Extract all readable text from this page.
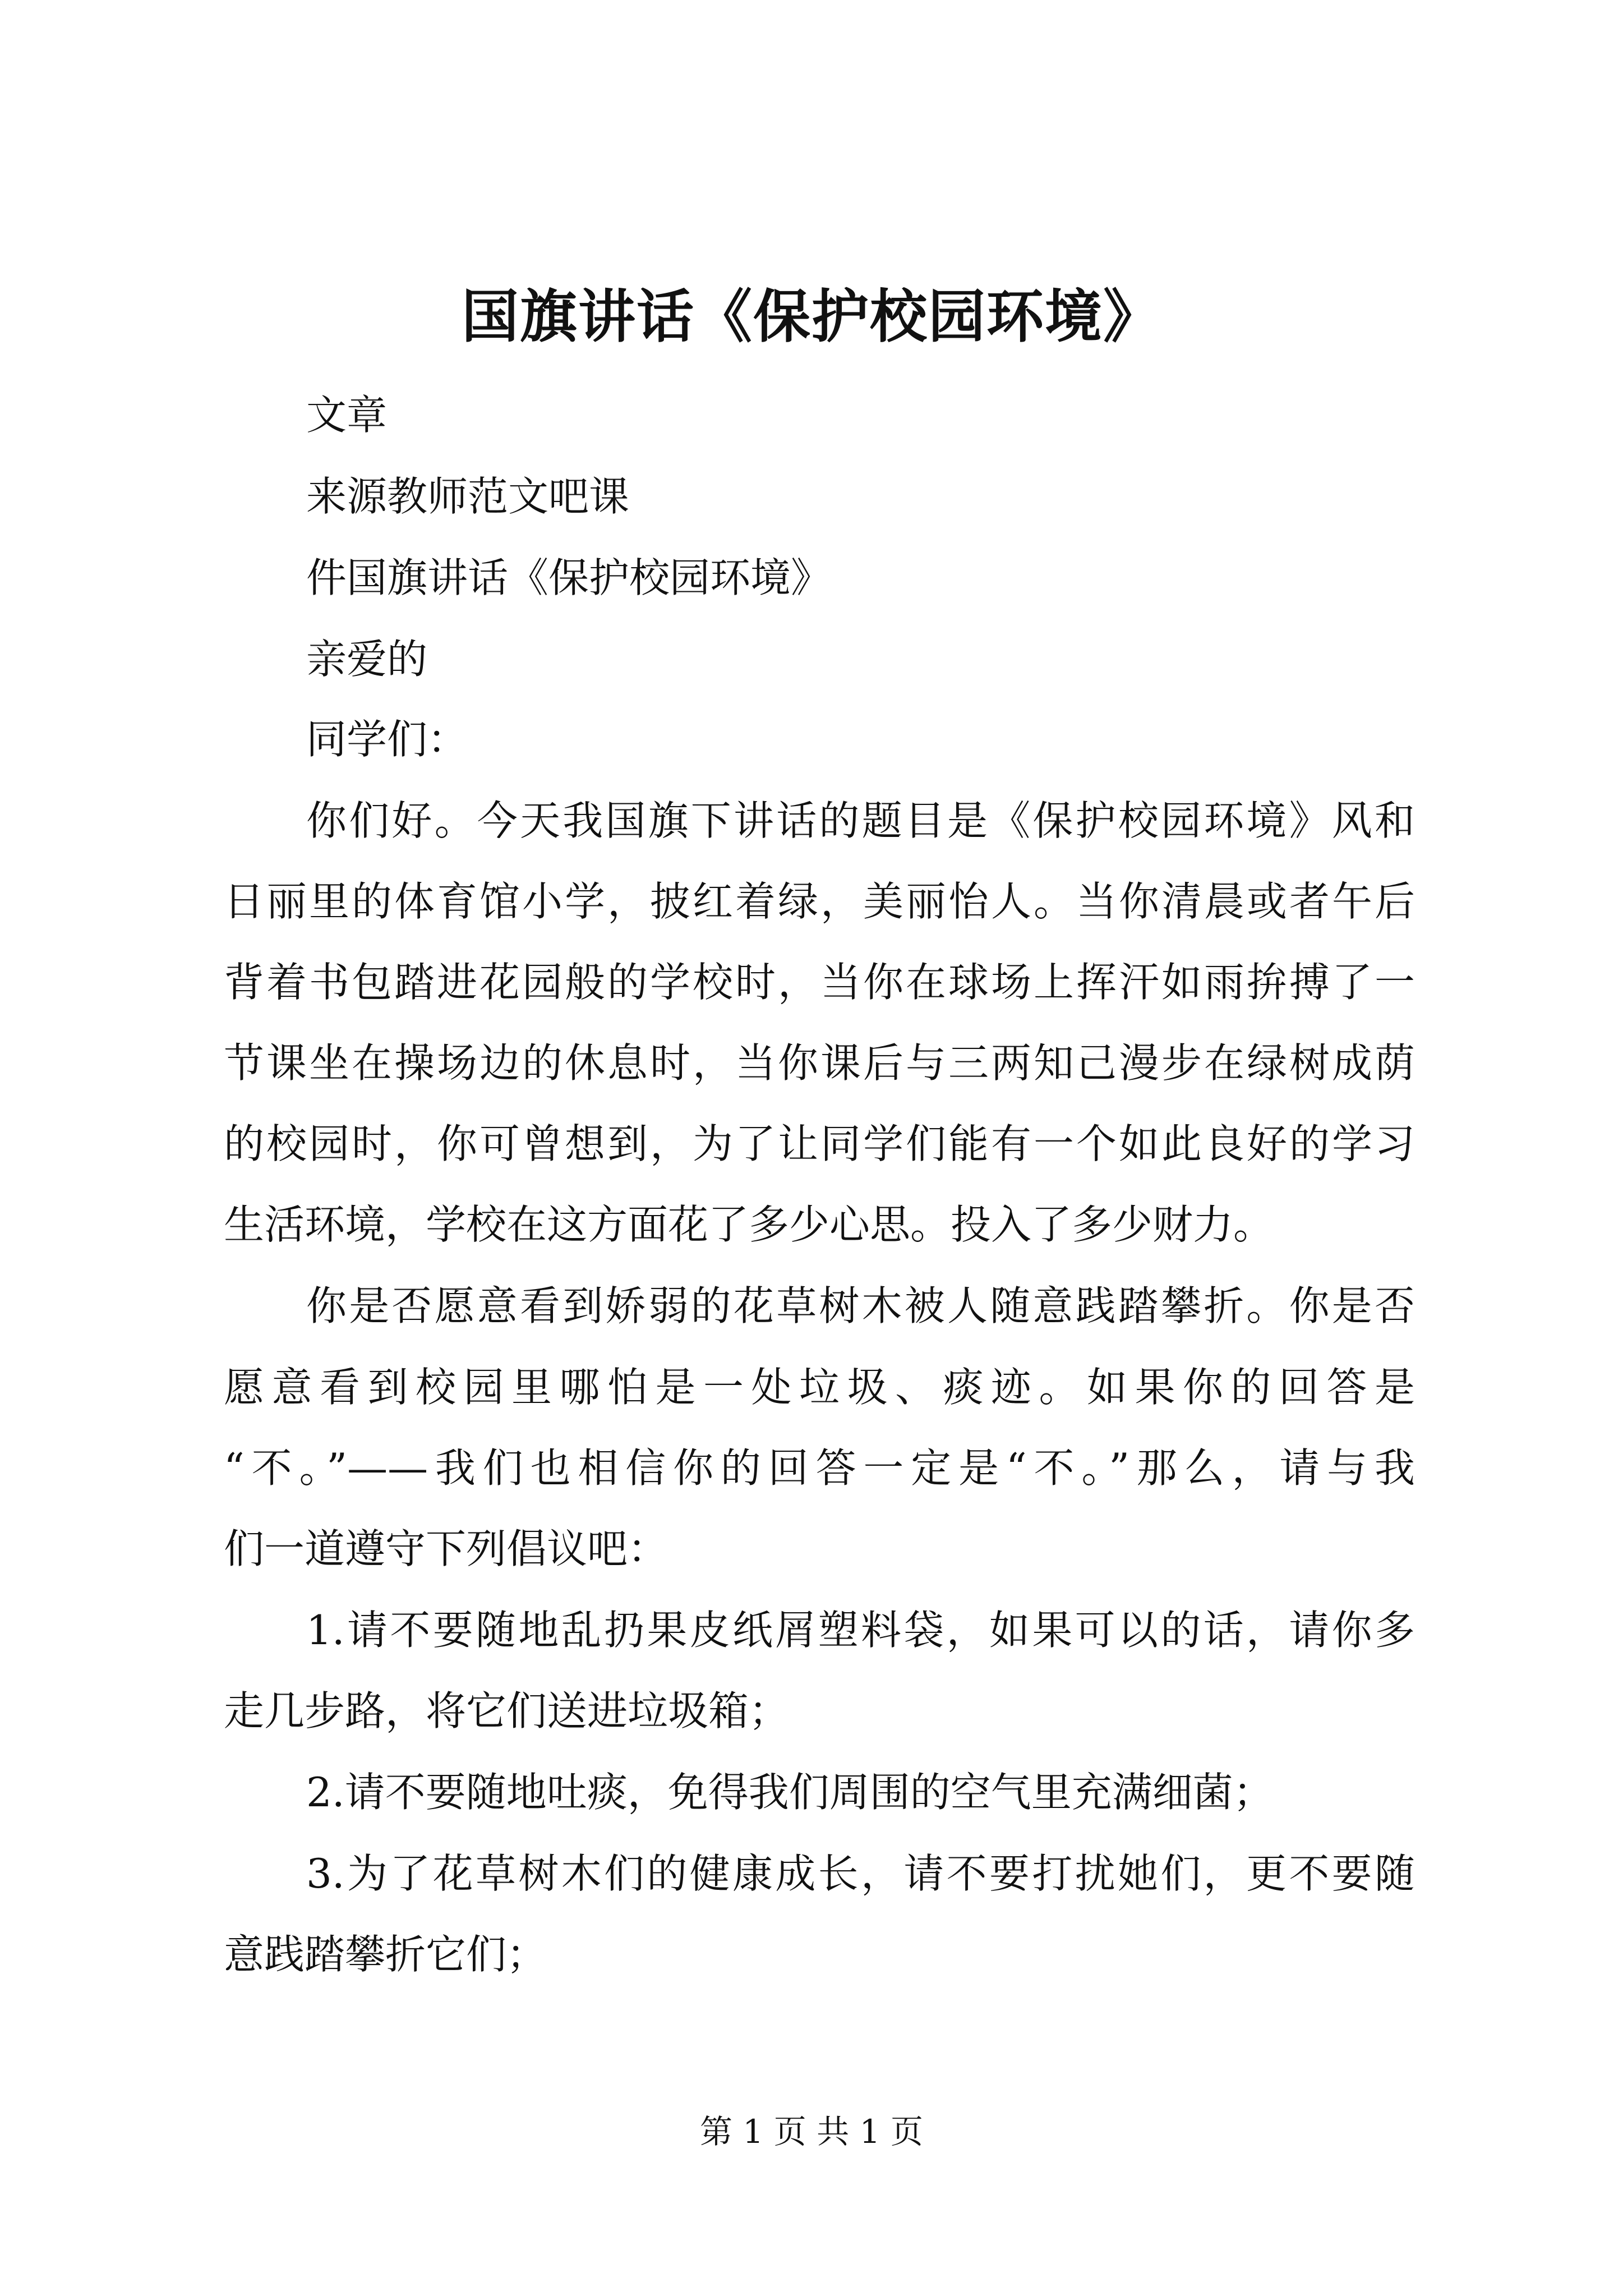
国旗讲话《保护校园环境》

文章

来源教师范文吧课

件国旗讲话《保护校园环境》

亲爱的

同学们：

你们好。今天我国旗下讲话的题目是《保护校园环境》风和

日丽里的体育馆小学，披红着绿，美丽怡人。当你清晨或者午后

背着书包踏进花园般的学校时，当你在球场上挥汗如雨拚搏了一

节课坐在操场边的休息时，当你课后与三两知己漫步在绿树成荫

的校园时，你可曾想到，为了让同学们能有一个如此良好的学习

生活环境，学校在这方面花了多少心思。投入了多少财力。

你是否愿意看到娇弱的花草树木被人随意践踏攀折。你是否

愿意看到校园里哪怕是一处垃圾、痰迹。如果你的回答是

“不。”——我们也相信你的回答一定是“不。”那么，请与我

们一道遵守下列倡议吧：

1.请不要随地乱扔果皮纸屑塑料袋，如果可以的话，请你多

走几步路，将它们送进垃圾箱；

2.请不要随地吐痰，免得我们周围的空气里充满细菌；

3.为了花草树木们的健康成长，请不要打扰她们，更不要随

意践踏攀折它们；

第 1 页 共 1 页
